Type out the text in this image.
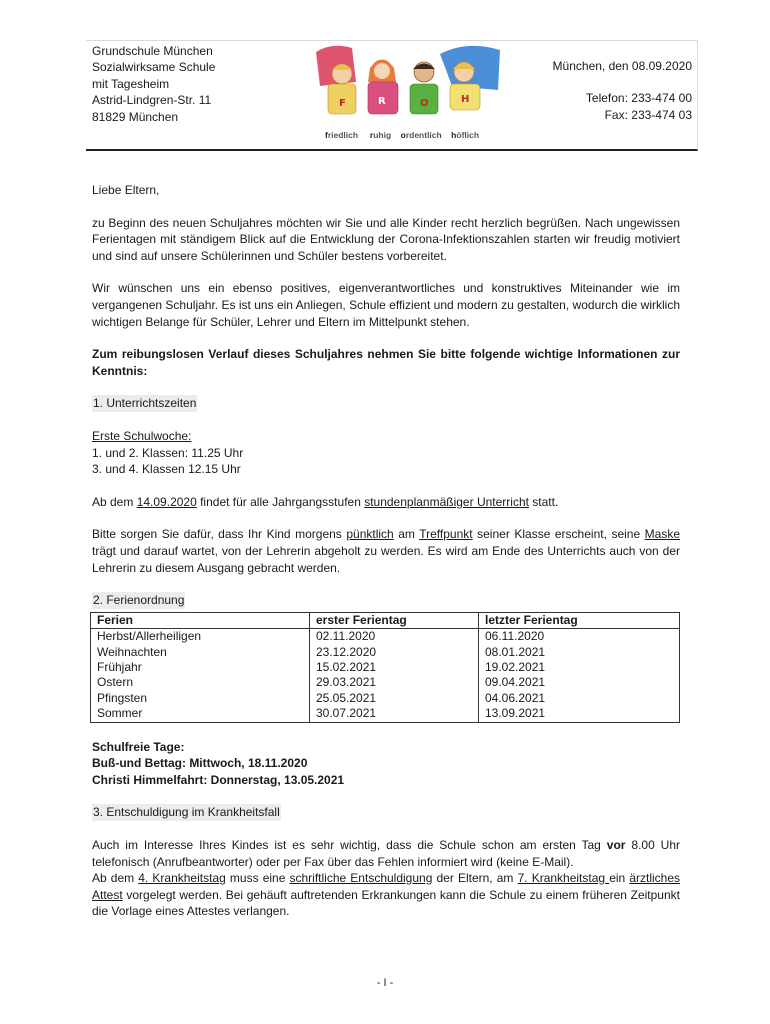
Grundschule München
Sozialwirksame Schule
mit Tagesheim
Astrid-Lindgren-Str. 11
81829 München
F	R	O	H
friedlich ruhig ordentlich höflich
München, den 08.09.2020
Telefon: 233-474 00
Fax: 233-474 03

Liebe Eltern,

zu Beginn des neuen Schuljahres möchten wir Sie und alle Kinder recht herzlich begrüßen. Nach ungewissen Ferientagen mit ständigem Blick auf die Entwicklung der Corona-Infektionszahlen starten wir freudig motiviert und sind auf unsere Schülerinnen und Schüler bestens vorbereitet.

Wir wünschen uns ein ebenso positives, eigenverantwortliches und konstruktives Miteinander wie im vergangenen Schuljahr. Es ist uns ein Anliegen, Schule effizient und modern zu gestalten, wodurch die wirklich wichtigen Belange für Schüler, Lehrer und Eltern im Mittelpunkt stehen.

Zum reibungslosen Verlauf dieses Schuljahres nehmen Sie bitte folgende wichtige Informationen zur Kenntnis:

1. Unterrichtszeiten

Erste Schulwoche:

1. und 2. Klassen: 11.25 Uhr

3. und 4. Klassen 12.15 Uhr

Ab dem 14.09.2020 findet für alle Jahrgangsstufen stundenplanmäßiger Unterricht statt.

Bitte sorgen Sie dafür, dass Ihr Kind morgens pünktlich am Treffpunkt seiner Klasse erscheint, seine Maske trägt und darauf wartet, von der Lehrerin abgeholt zu werden. Es wird am Ende des Unterrichts auch von der Lehrerin zu diesem Ausgang gebracht werden.

2. Ferienordnung

Ferien	erster Ferientag	letzter Ferientag
Herbst/Allerheiligen	02.11.2020	06.11.2020
Weihnachten	23.12.2020	08.01.2021
Frühjahr	15.02.2021	19.02.2021
Ostern	29.03.2021	09.04.2021
Pfingsten	25.05.2021	04.06.2021
Sommer	30.07.2021	13.09.2021

Schulfreie Tage:

Buß-und Bettag: Mittwoch, 18.11.2020

Christi Himmelfahrt: Donnerstag, 13.05.2021

3. Entschuldigung im Krankheitsfall

Auch im Interesse Ihres Kindes ist es sehr wichtig, dass die Schule schon am ersten Tag vor 8.00 Uhr telefonisch (Anrufbeantworter) oder per Fax über das Fehlen informiert wird (keine E-Mail).

Ab dem 4. Krankheitstag muss eine schriftliche Entschuldigung der Eltern, am 7. Krankheitstag ein ärztliches Attest vorgelegt werden. Bei gehäuft auftretenden Erkrankungen kann die Schule zu einem früheren Zeitpunkt die Vorlage eines Attestes verlangen.

- I -
